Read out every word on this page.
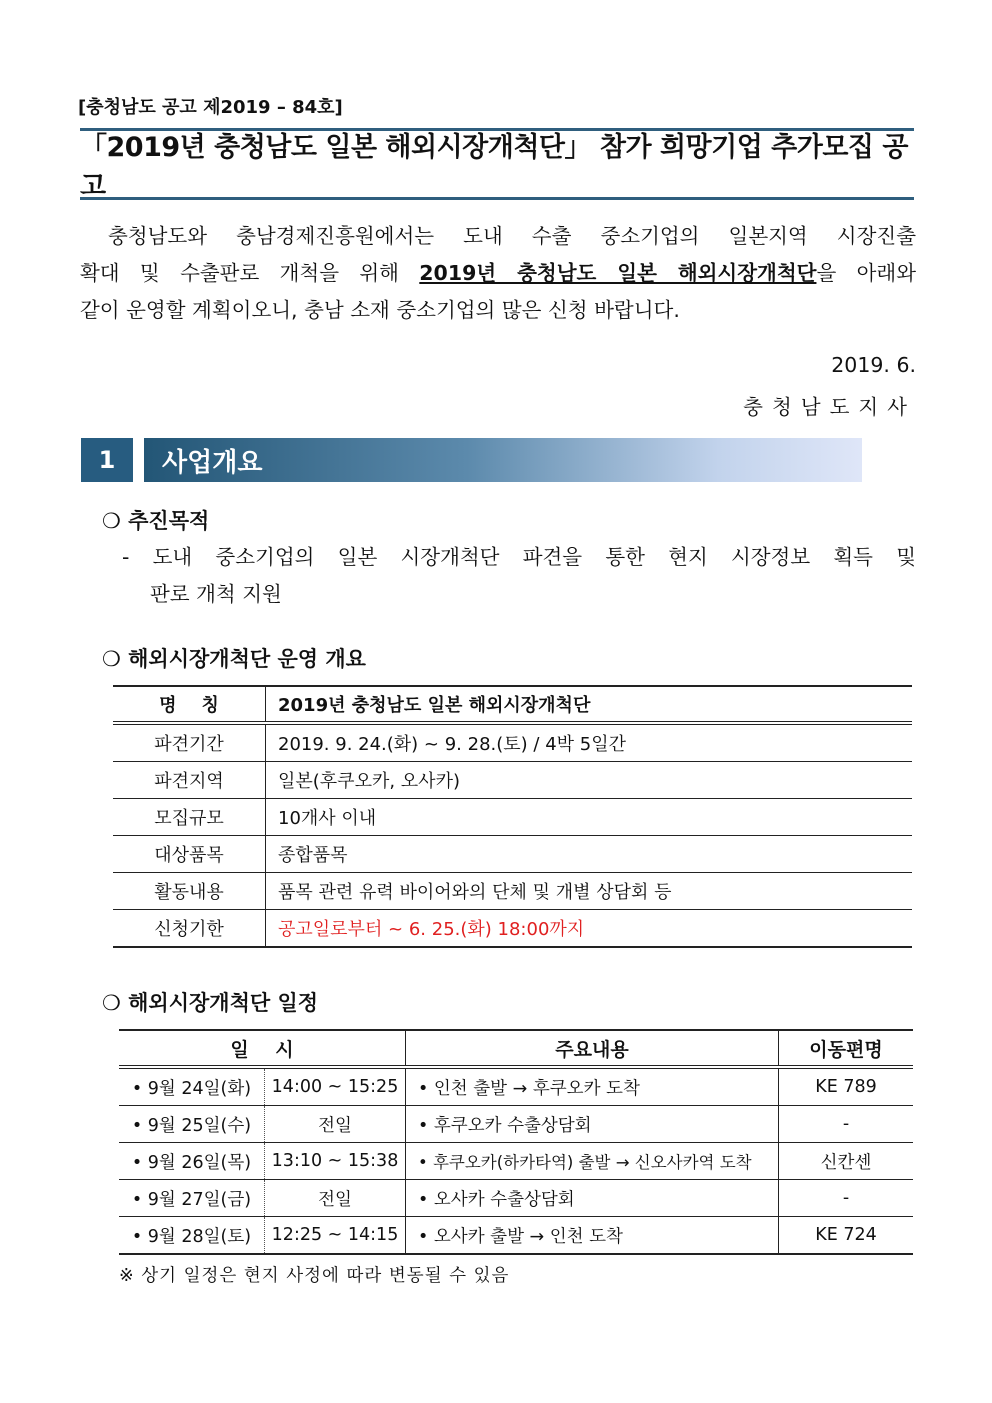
[충청남도 공고 제2019 – 84호]
「2019년 충청남도 일본 해외시장개척단」 참가 희망기업 추가모집 공고
충청남도와 충남경제진흥원에서는 도내 수출 중소기업의 일본지역 시장진출
확대 및 수출판로 개척을 위해 2019년 충청남도 일본 해외시장개척단을 아래와
같이 운영할 계획이오니, 충남 소재 중소기업의 많은 신청 바랍니다.
2019. 6.
충청남도지사
1	사업개요
❍ 추진목적
- 도내 중소기업의 일본 시장개척단 파견을 통한 현지 시장정보 획득 및
판로 개척 지원
❍ 해외시장개척단 운영 개요
명    칭	2019년 충청남도 일본 해외시장개척단
파견기간	2019. 9. 24.(화) ~ 9. 28.(토) / 4박 5일간
파견지역	일본(후쿠오카, 오사카)
모집규모	10개사 이내
대상품목	종합품목
활동내용	품목 관련 유력 바이어와의 단체 및 개별 상담회 등
신청기한	공고일로부터 ~ 6. 25.(화) 18:00까지
❍ 해외시장개척단 일정
일    시		주요내용	이동편명
• 9월 24일(화)	14:00 ~ 15:25	• 인천 출발 → 후쿠오카 도착	KE 789
• 9월 25일(수)	전일	• 후쿠오카 수출상담회	-
• 9월 26일(목)	13:10 ~ 15:38	• 후쿠오카(하카타역) 출발 → 신오사카역 도착	신칸센
• 9월 27일(금)	전일	• 오사카 수출상담회	-
• 9월 28일(토)	12:25 ~ 14:15	• 오사카 출발 → 인천 도착	KE 724
※ 상기 일정은 현지 사정에 따라 변동될 수 있음
